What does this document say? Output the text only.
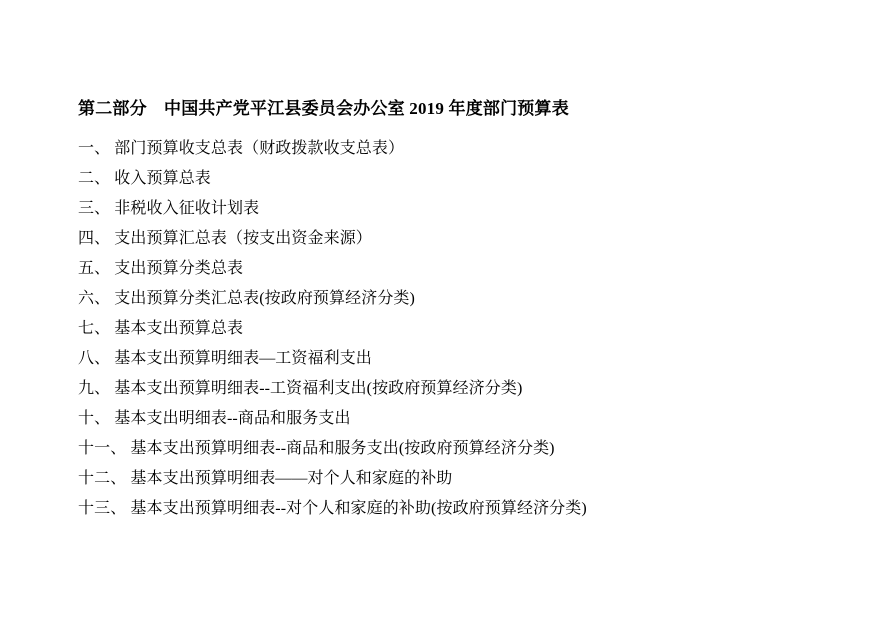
第二部分　中国共产党平江县委员会办公室 2019 年度部门预算表
一、 部门预算收支总表（财政拨款收支总表）
二、 收入预算总表
三、 非税收入征收计划表
四、 支出预算汇总表（按支出资金来源）
五、 支出预算分类总表
六、 支出预算分类汇总表(按政府预算经济分类)
七、 基本支出预算总表
八、 基本支出预算明细表—工资福利支出
九、 基本支出预算明细表--工资福利支出(按政府预算经济分类)
十、 基本支出明细表--商品和服务支出
十一、 基本支出预算明细表--商品和服务支出(按政府预算经济分类)
十二、 基本支出预算明细表——对个人和家庭的补助
十三、 基本支出预算明细表--对个人和家庭的补助(按政府预算经济分类)
